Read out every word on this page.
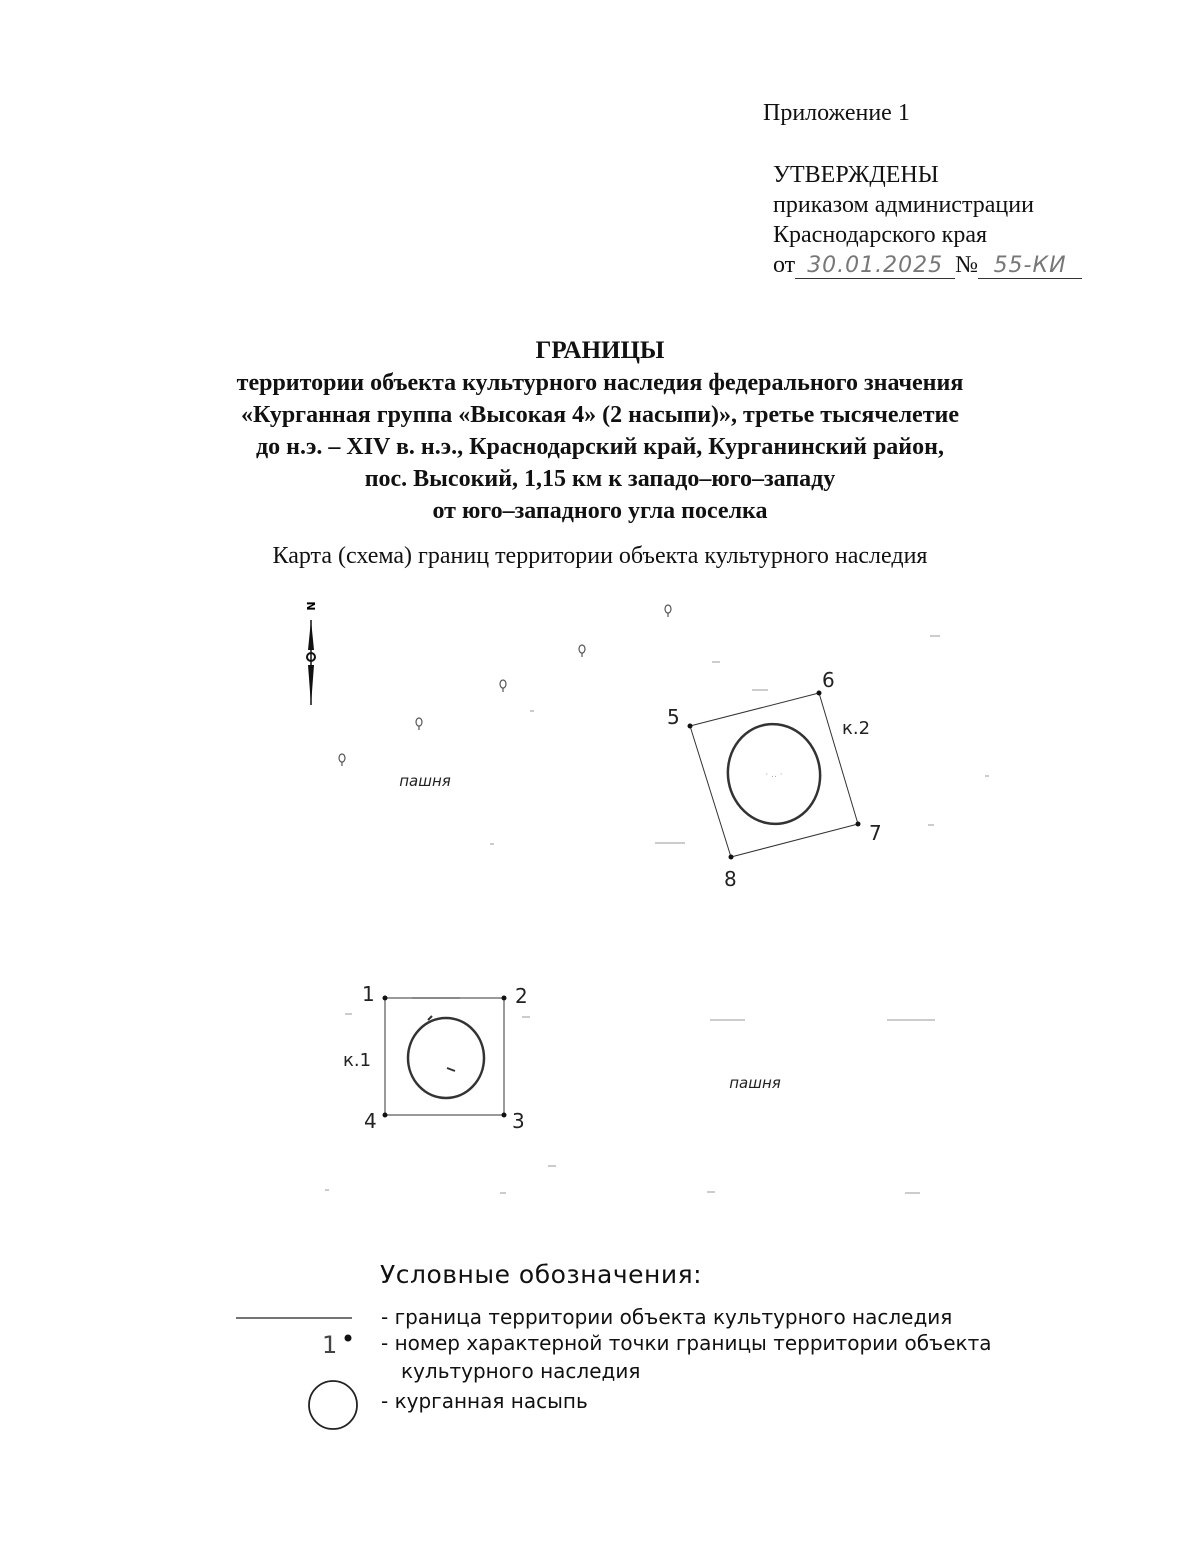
Приложение 1
УТВЕРЖДЕНЫ
приказом администрации
Краснодарского края
от 30.01.2025 № 55-КИ
ГРАНИЦЫ
территории объекта культурного наследия федерального значения
«Курганная группа «Высокая 4» (2 насыпи)», третье тысячелетие
до н.э. – XIV в. н.э., Краснодарский край, Курганинский район,
пос. Высокий, 1,15 км к западо–юго–западу
от юго–западного угла поселка
Карта (схема) границ территории объекта культурного наследия
N
пашня
пашня
· .. ·
5
6
7
8
к.2
1	2
3
4
к.1
1
Условные обозначения:
- граница территории объекта культурного наследия
- номер характерной точки границы территории объекта
культурного наследия
- курганная насыпь
